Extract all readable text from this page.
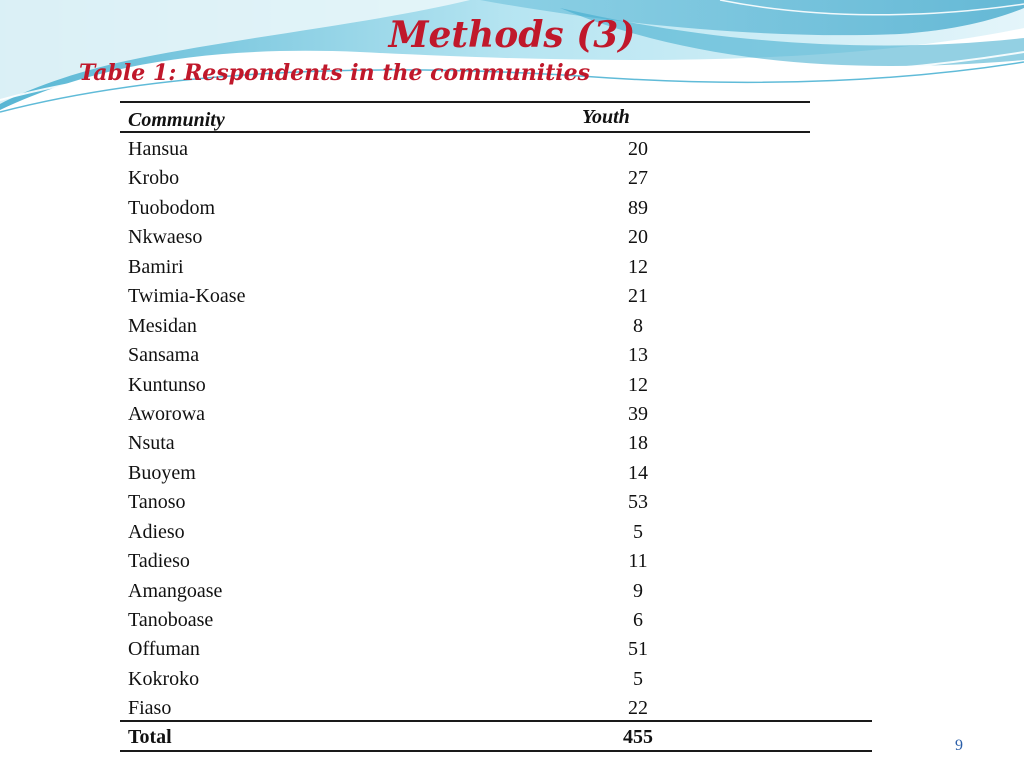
Methods (3)
Table 1: Respondents in the communities
Community	Youth
Hansua	20
Krobo	27
Tuobodom	89
Nkwaeso	20
Bamiri	12
Twimia-Koase	21
Mesidan	8
Sansama	13
Kuntunso	12
Aworowa	39
Nsuta	18
Buoyem	14
Tanoso	53
Adieso	5
Tadieso	11
Amangoase	9
Tanoboase	6
Offuman	51
Kokroko	5
Fiaso	22
Total	455	9
